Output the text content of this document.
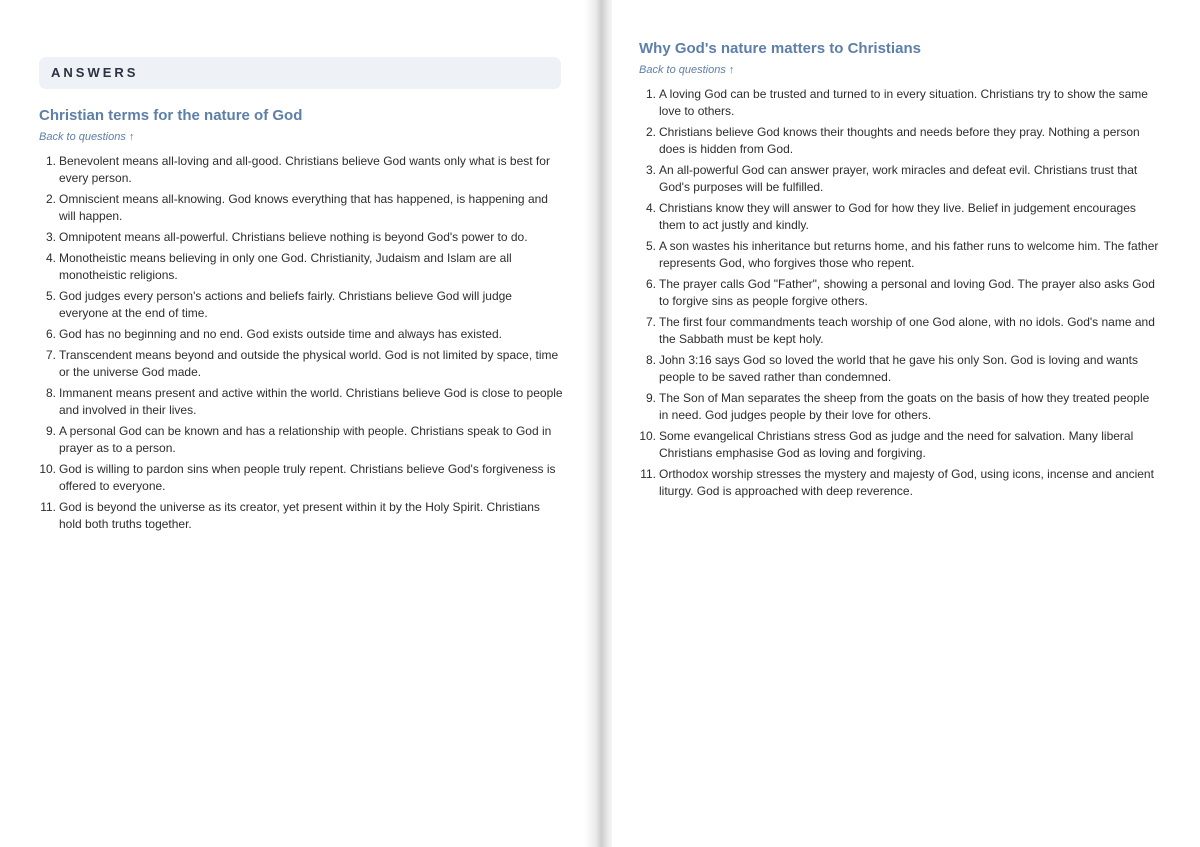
ANSWERS
Christian terms for the nature of God
Back to questions ↑
1. Benevolent means all-loving and all-good. Christians believe God wants only what is best for every person.
2. Omniscient means all-knowing. God knows everything that has happened, is happening and will happen.
3. Omnipotent means all-powerful. Christians believe nothing is beyond God's power to do.
4. Monotheistic means believing in only one God. Christianity, Judaism and Islam are all monotheistic religions.
5. God judges every person's actions and beliefs fairly. Christians believe God will judge everyone at the end of time.
6. God has no beginning and no end. God exists outside time and always has existed.
7. Transcendent means beyond and outside the physical world. God is not limited by space, time or the universe God made.
8. Immanent means present and active within the world. Christians believe God is close to people and involved in their lives.
9. A personal God can be known and has a relationship with people. Christians speak to God in prayer as to a person.
10. God is willing to pardon sins when people truly repent. Christians believe God's forgiveness is offered to everyone.
11. God is beyond the universe as its creator, yet present within it by the Holy Spirit. Christians hold both truths together.
Why God's nature matters to Christians
Back to questions ↑
1. A loving God can be trusted and turned to in every situation. Christians try to show the same love to others.
2. Christians believe God knows their thoughts and needs before they pray. Nothing a person does is hidden from God.
3. An all-powerful God can answer prayer, work miracles and defeat evil. Christians trust that God's purposes will be fulfilled.
4. Christians know they will answer to God for how they live. Belief in judgement encourages them to act justly and kindly.
5. A son wastes his inheritance but returns home, and his father runs to welcome him. The father represents God, who forgives those who repent.
6. The prayer calls God "Father", showing a personal and loving God. The prayer also asks God to forgive sins as people forgive others.
7. The first four commandments teach worship of one God alone, with no idols. God's name and the Sabbath must be kept holy.
8. John 3:16 says God so loved the world that he gave his only Son. God is loving and wants people to be saved rather than condemned.
9. The Son of Man separates the sheep from the goats on the basis of how they treated people in need. God judges people by their love for others.
10. Some evangelical Christians stress God as judge and the need for salvation. Many liberal Christians emphasise God as loving and forgiving.
11. Orthodox worship stresses the mystery and majesty of God, using icons, incense and ancient liturgy. God is approached with deep reverence.
